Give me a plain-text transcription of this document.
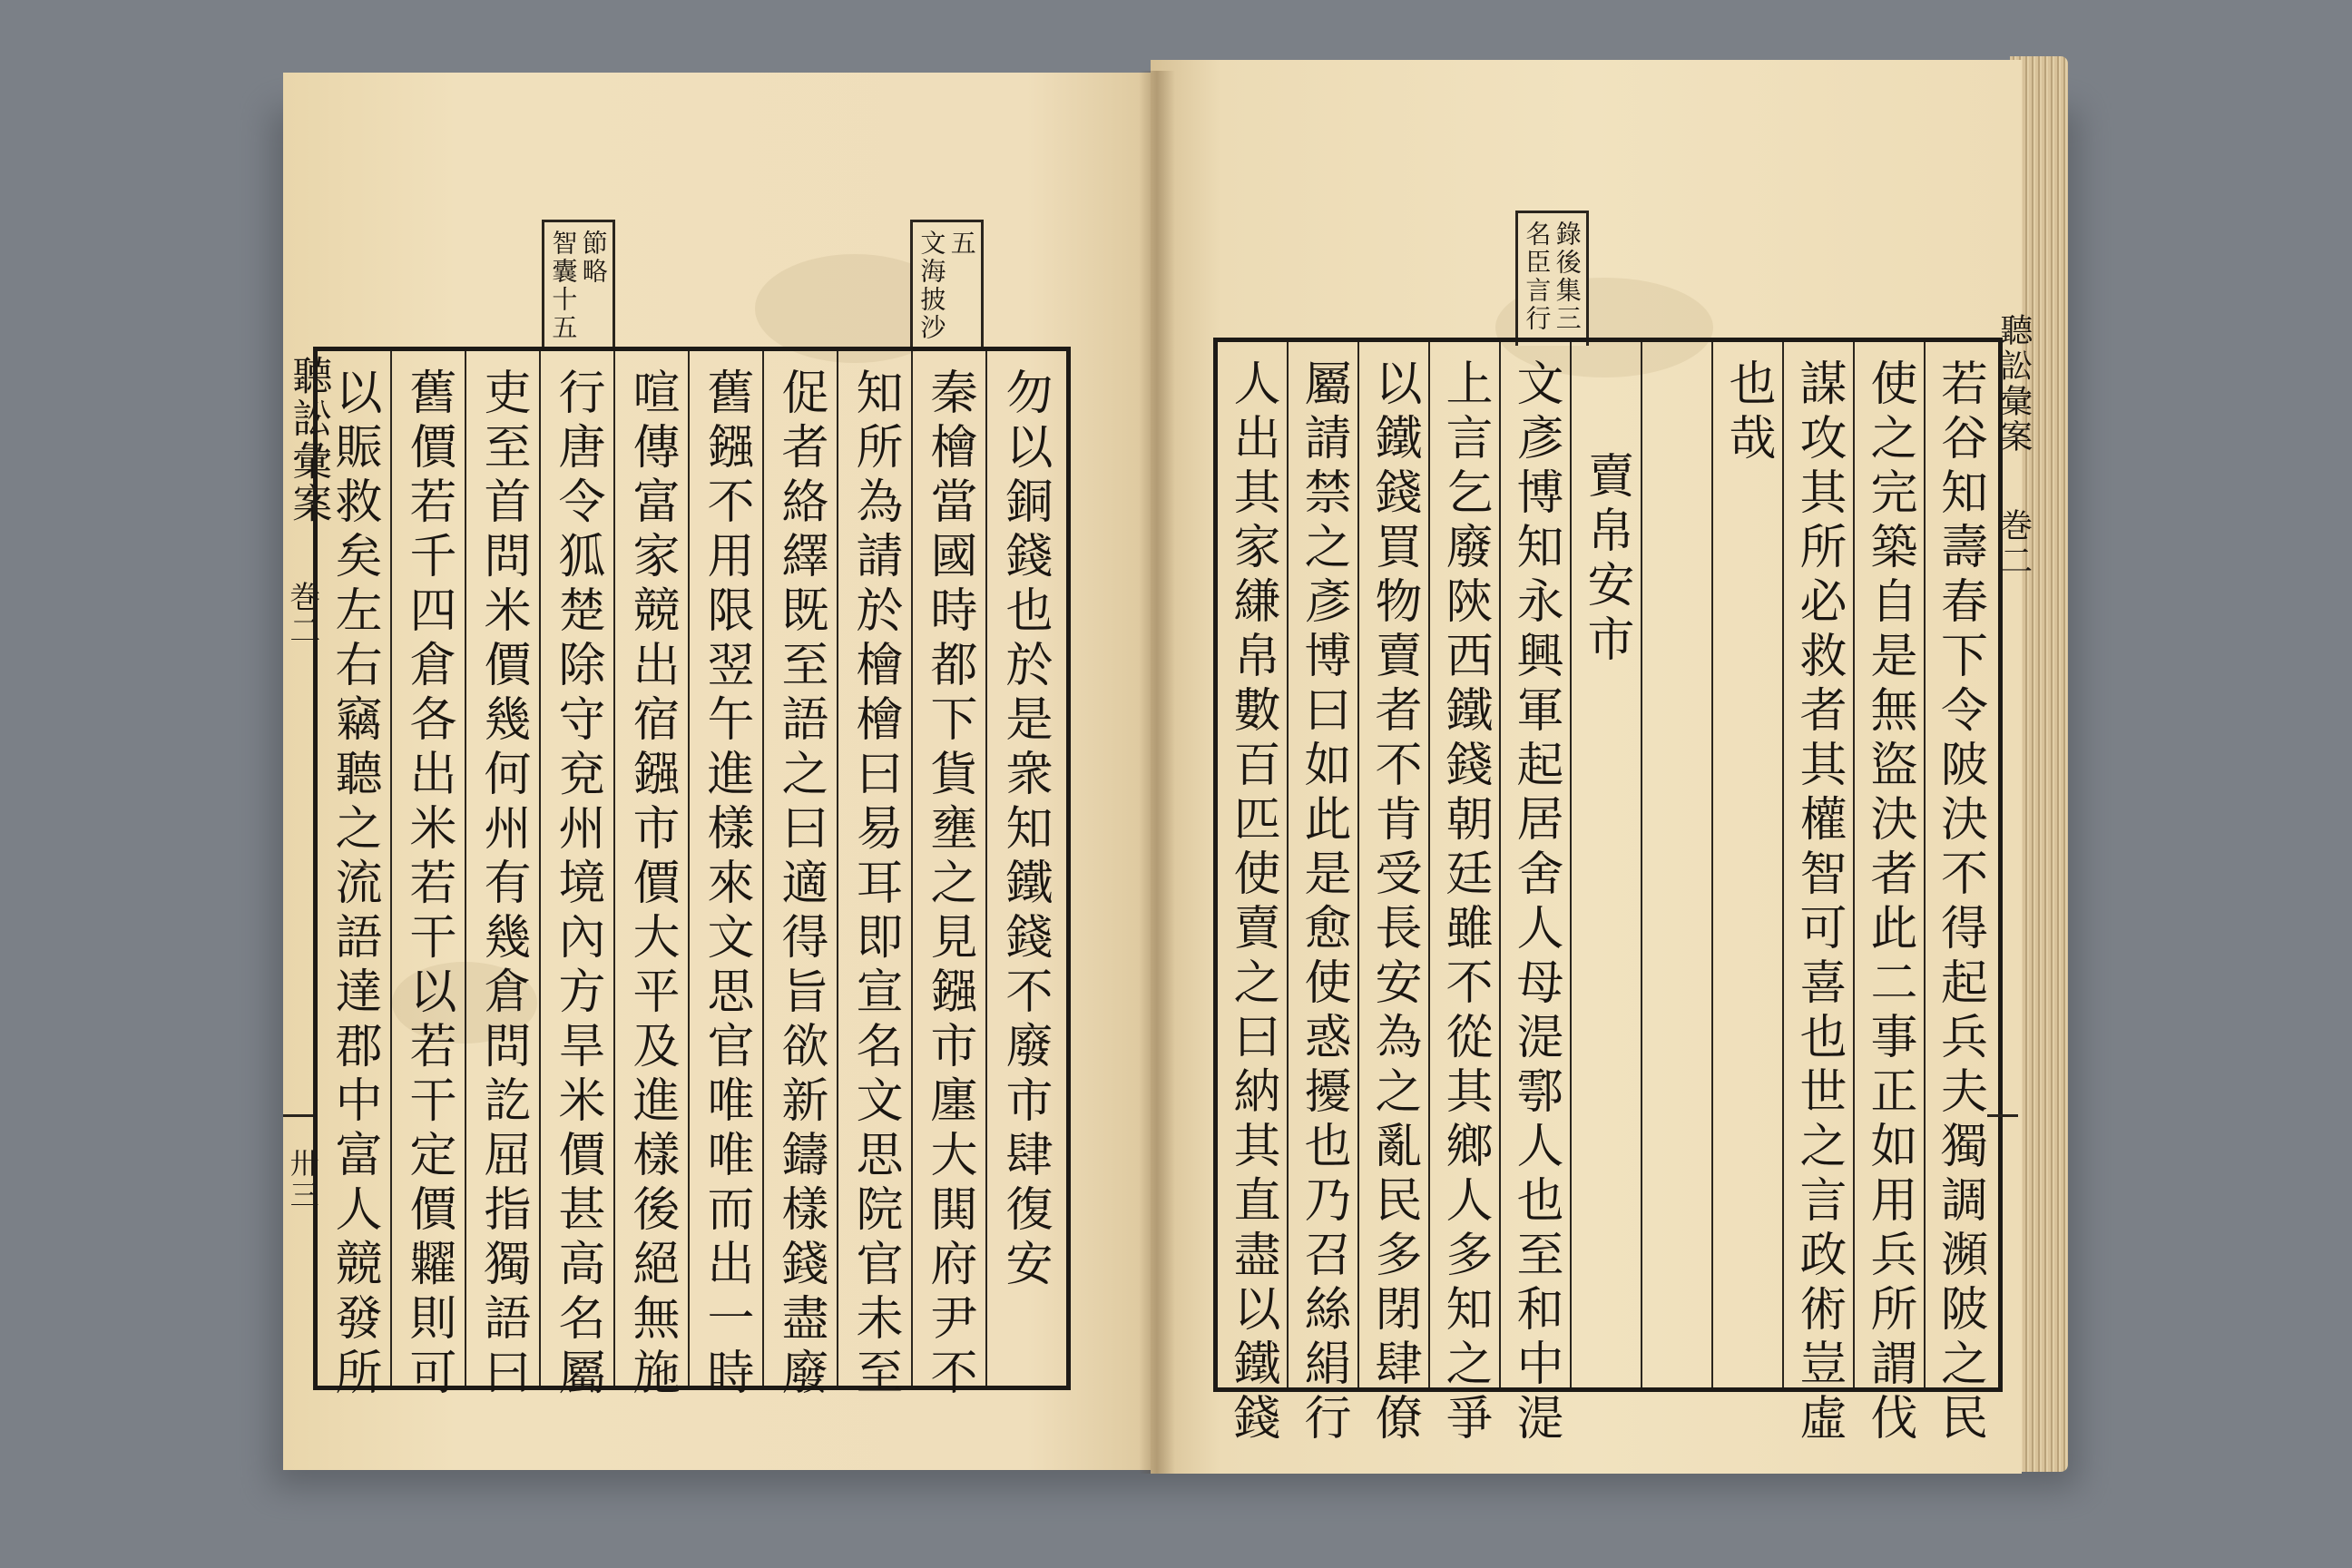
聽訟彙案
巻二
卅三
文海披沙 五
智囊十五 節略
以賑救矣左右竊聽之流語達郡中富人競發所 舊價若千四倉各出米若干以若干定價糶則可 吏至首問米價幾何州有幾倉問訖屈指獨語曰 行唐令狐楚除守兗州境內方旱米價甚高名屬 喧傳富家競出宿鏹市價大平及進樣後絕無施 舊鏹不用限翌午進樣來文思官唯唯而出一時 促者絡繹既至語之曰適得旨欲新鑄樣錢盡廢 知所為請於檜檜曰易耳即宣名文思院官未至 秦檜當國時都下貨壅之見鏹市廛大閧府尹不 勿以銅錢也於是衆知鐵錢不廢市肆復安
名臣言行 錄後集三
人出其家縑帛數百匹使賣之曰納其直盡以鐵錢 屬請禁之彥博曰如此是愈使惑擾也乃召絲絹行 以鐵錢買物賣者不肯受長安為之亂民多閉肆僚 上言乞廢陝西鐵錢朝廷雖不從其鄉人多知之爭 文彥博知永興軍起居舍人母湜鄠人也至和中湜 賣帛安市
也哉 謀攻其所必救者其權智可喜也世之言政術豈虛 使之完築自是無盜決者此二事正如用兵所謂伐 若谷知壽春下令陂決不得起兵夫獨調瀕陂之民 聽訟彙案
巻二
